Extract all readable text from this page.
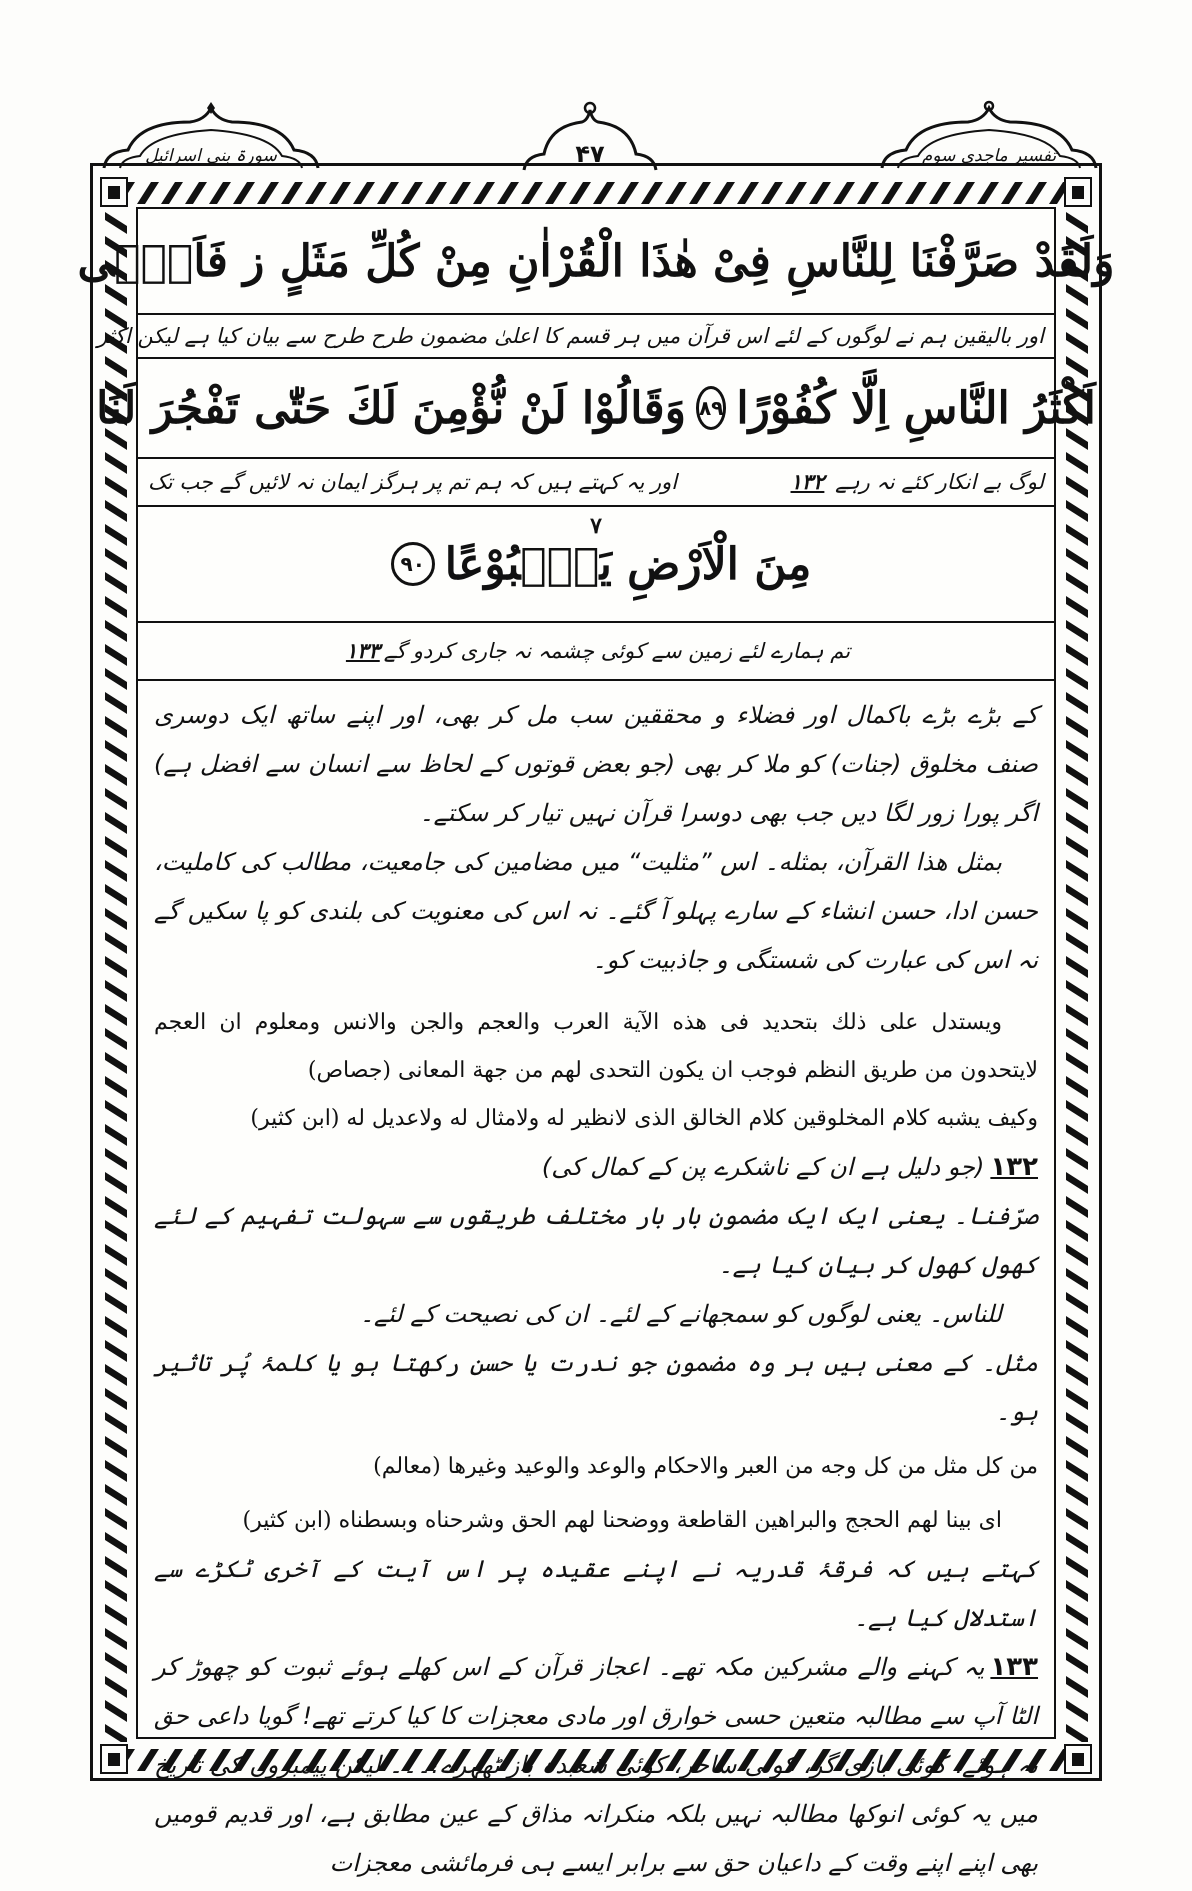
سورۃ بنی اسرائیل	۴۷	تفسیر ماجدی سوم
وَلَقَدْ صَرَّفْنَا لِلنَّاسِ فِیْ هٰذَا الْقُرْاٰنِ مِنْ كُلِّ مَثَلٍ ز فَاَبٰۤی
اور بالیقین ہم نے لوگوں کے لئے اس قرآن میں ہر قسم کا اعلیٰ مضمون طرح طرح سے بیان کیا ہے لیکن اکثر
اَكْثَرُ النَّاسِ اِلَّا كُفُوْرًا
٨٩
وَقَالُوْا لَنْ نُّؤْمِنَ لَكَ حَتّٰى تَفْجُرَ لَنَا
لوگ بے انکار کئے نہ رہے ۱۳۲
اور یہ کہتے ہیں کہ ہم تم پر ہرگز ایمان نہ لائیں گے جب تک
۷
مِنَ الْاَرْضِ یَنْۢبُوْعًا
٩٠
تم ہمارے لئے زمین سے کوئی چشمہ نہ جاری کردو گے
۱۳۳

کے بڑے بڑے باکمال اور فضلاء و محققین سب مل کر بھی، اور اپنے ساتھ ایک دوسری صنف مخلوق (جنات) کو ملا کر بھی (جو بعض قوتوں کے لحاظ سے انسان سے افضل ہے) اگر پورا زور لگا دیں جب بھی دوسرا قرآن نہیں تیار کر سکتے۔

بمثل هذا القرآن، بمثله۔ اس ”مثلیت“ میں مضامین کی جامعیت، مطالب کی کاملیت، حسن ادا، حسن انشاء کے سارے پہلو آ گئے۔ نہ اس کی معنویت کی بلندی کو پا سکیں گے نہ اس کی عبارت کی شستگی و جاذبیت کو۔

ویستدل علی ذلك بتحدید فی هذه الآیة العرب والعجم والجن والانس ومعلوم ان العجم لایتحدون من طریق النظم فوجب ان یکون التحدی لهم من جهة المعانی (جصاص)

وكیف یشبه كلام المخلوقین كلام الخالق الذی لانظیر له ولامثال له ولاعدیل له (ابن كثیر)

۱۳۲(جو دلیل ہے ان کے ناشکرے پن کے کمال کی)

صرّفنا۔ یعنی ایک ایک مضمون بار بار مختلف طریقوں سے سہولت تفہیم کے لئے کھول کھول کر بیان کیا ہے۔

للناس۔ یعنی لوگوں کو سمجھانے کے لئے۔ ان کی نصیحت کے لئے۔

مثل۔ کے معنی ہیں ہر وہ مضمون جو ندرت یا حسن رکھتا ہو یا کلمۂ پُر تاثیر ہو۔

من كل مثل من كل وجه من العبر والاحكام والوعد والوعید وغیرها (معالم)

ای بینا لهم الحجج والبراهین القاطعة ووضحنا لهم الحق وشرحناه وبسطناه (ابن كثیر)

کہتے ہیں کہ فرقۂ قدریہ نے اپنے عقیدہ پر اس آیت کے آخری ٹکڑے سے استدلال کیا ہے۔

۱۳۳یہ کہنے والے مشرکین مکہ تھے۔ اعجاز قرآن کے اس کھلے ہوئے ثبوت کو چھوڑ کر الٹا آپ سے مطالبہ متعین حسی خوارق اور مادی معجزات کا کیا کرتے تھے! گویا داعی حق نہ ہوئے، کوئی بازی گر، کوئی ساحر، کوئی شعبدہ باز ٹھہرے!۔۔۔ لیکن پیمبروں کی تاریخ میں یہ کوئی انوکھا مطالبہ نہیں بلکہ منکرانہ مذاق کے عین مطابق ہے، اور قدیم قومیں بھی اپنے اپنے وقت کے داعیان حق سے برابر ایسے ہی فرمائشی معجزات
